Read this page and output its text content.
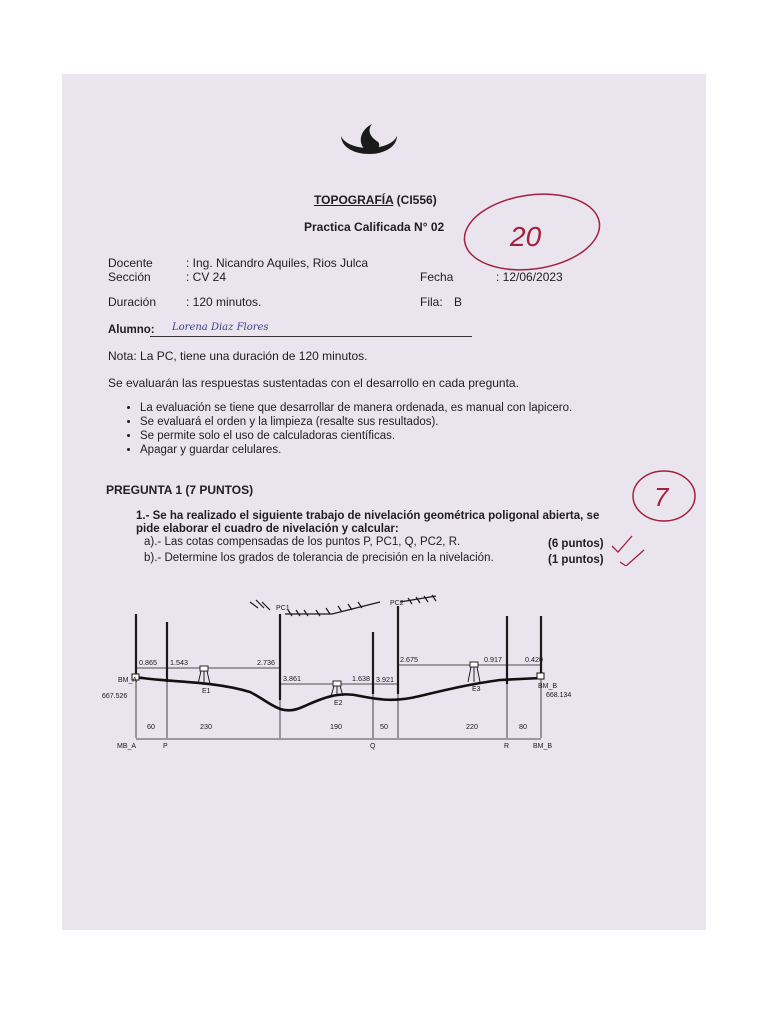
TOPOGRAFÍA (CI556)
Practica Calificada N° 02 20
7
Docente	: Ing. Nicandro Aquiles, Rios Julca
Sección	: CV 24	Fecha	: 12/06/2023
Duración : 120 minutos.	Fila: B
Alumno: Lorena Diaz Flores
Nota: La PC, tiene una duración de 120 minutos.
Se evaluarán las respuestas sustentadas con el desarrollo en cada pregunta.
• La evaluación se tiene que desarrollar de manera ordenada, es manual con lapicero.
• Se evaluará el orden y la limpieza (resalte sus resultados).
• Se permite solo el uso de calculadoras científicas.
• Apagar y guardar celulares.
PREGUNTA 1 (7 PUNTOS)
1.- Se ha realizado el siguiente trabajo de nivelación geométrica poligonal abierta, se
pide elaborar el cuadro de nivelación y calcular:
a).- Las cotas compensadas de los puntos P, PC1, Q, PC2, R.	(6 puntos)
b).- Determine los grados de tolerancia de precisión en la nivelación.	(1 puntos)
PC1
PC2
0.865 1.543	2.736
3.861	1.638 3.921
2.675	0.917	0.420
E1
E2
E3
BM_A
667.526
BM_B
668.134
60	230	190	50	220	80
MB_A	P	Q	R	BM_B
